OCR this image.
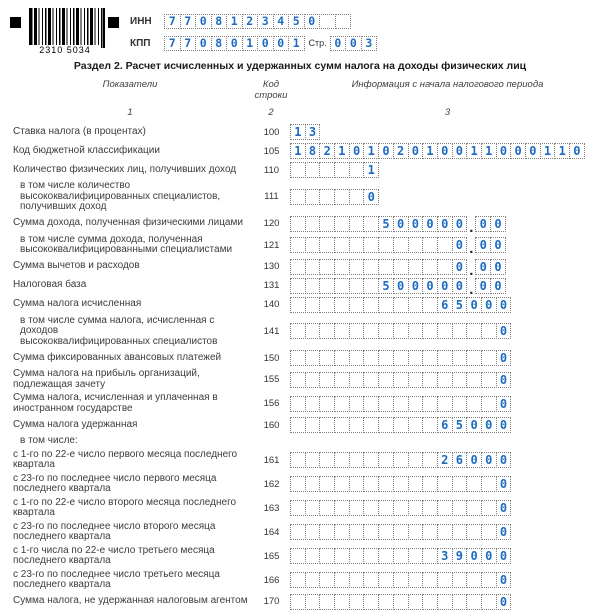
2310 5034
ИНН	7 7 0 8 1 2 3 4 5 0
КПП	7 7 0 8 0 1 0 0 1 Стр. 0 0 3
Раздел 2. Расчет исчисленных и удержанных сумм налога на доходы физических лиц
Показатели	Код строки
Информация с начала налогового периода
1	2	3
Ставка налога (в процентах)	100	1 3
Код бюджетной классификации	105	1 8 2 1 0 1 0 2 0 1 0 0 1 1 0 0 0 1 1 0
Количество физических лиц, получивших доход	110	1
в том числе количество
высококвалифицированных специалистов,
получивших доход
111	0
Сумма дохода, полученная физическими лицами	120	5 0 0 0 0 0 . 0 0
в том числе сумма дохода, полученная
высококвалифицированными специалистами	121	0 . 0 0
Сумма вычетов и расходов	130	0 . 0 0
Налоговая база	131	5 0 0 0 0 0 . 0 0
Сумма налога исчисленная	140	6 5 0 0 0
в том числе сумма налога, исчисленная с доходов
высококвалифицированных специалистов
141	0
Сумма фиксированных авансовых платежей	150	0
Сумма налога на прибыль организаций,
подлежащая зачету	155	0
Сумма налога, исчисленная и уплаченная в
иностранном государстве	156	0
Сумма налога удержанная	160	6 5 0 0 0
в том числе:
с 1-го по 22-е число первого месяца последнего
квартала	161	2 6 0 0 0
с 23-го по последнее число первого месяца
последнего квартала	162	0
с 1-го по 22-е число второго месяца последнего
квартала	163	0
с 23-го по последнее число второго месяца
последнего квартала	164	0
с 1-го числа по 22-е число третьего месяца
последнего квартала	165	3 9 0 0 0
с 23-го по последнее число третьего месяца
последнего квартала	166	0
Сумма налога, не удержанная налоговым агентом	170	0
